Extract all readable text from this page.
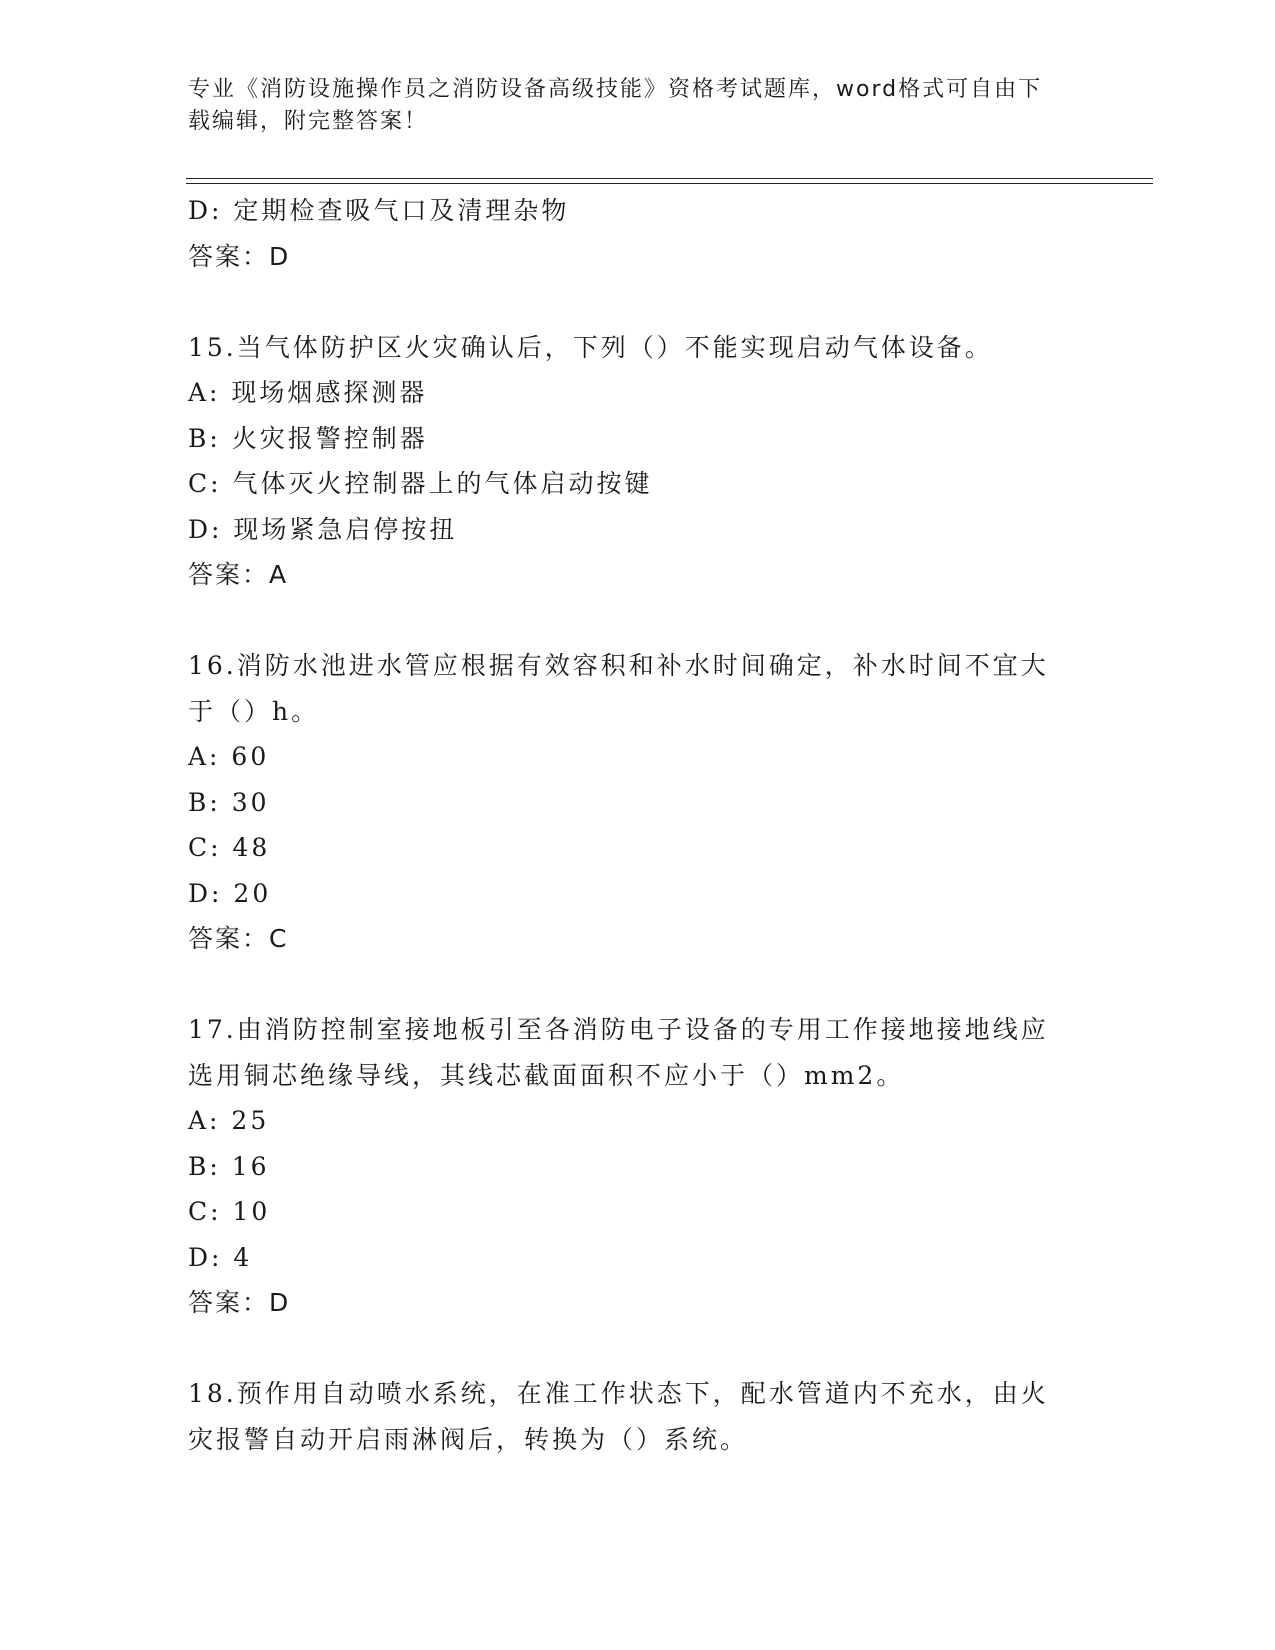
专业《消防设施操作员之消防设备高级技能》资格考试题库，word格式可自由下
载编辑，附完整答案！
D: 定期检查吸气口及清理杂物
答案：D
15.当气体防护区火灾确认后，下列（）不能实现启动气体设备。
A: 现场烟感探测器
B: 火灾报警控制器
C: 气体灭火控制器上的气体启动按键
D: 现场紧急启停按扭
答案：A
16.消防水池进水管应根据有效容积和补水时间确定，补水时间不宜大
于（）h。
A: 60
B: 30
C: 48
D: 20
答案：C
17.由消防控制室接地板引至各消防电子设备的专用工作接地接地线应
选用铜芯绝缘导线，其线芯截面面积不应小于（）mm2。
A: 25
B: 16
C: 10
D: 4
答案：D
18.预作用自动喷水系统，在准工作状态下，配水管道内不充水，由火
灾报警自动开启雨淋阀后，转换为（）系统。
